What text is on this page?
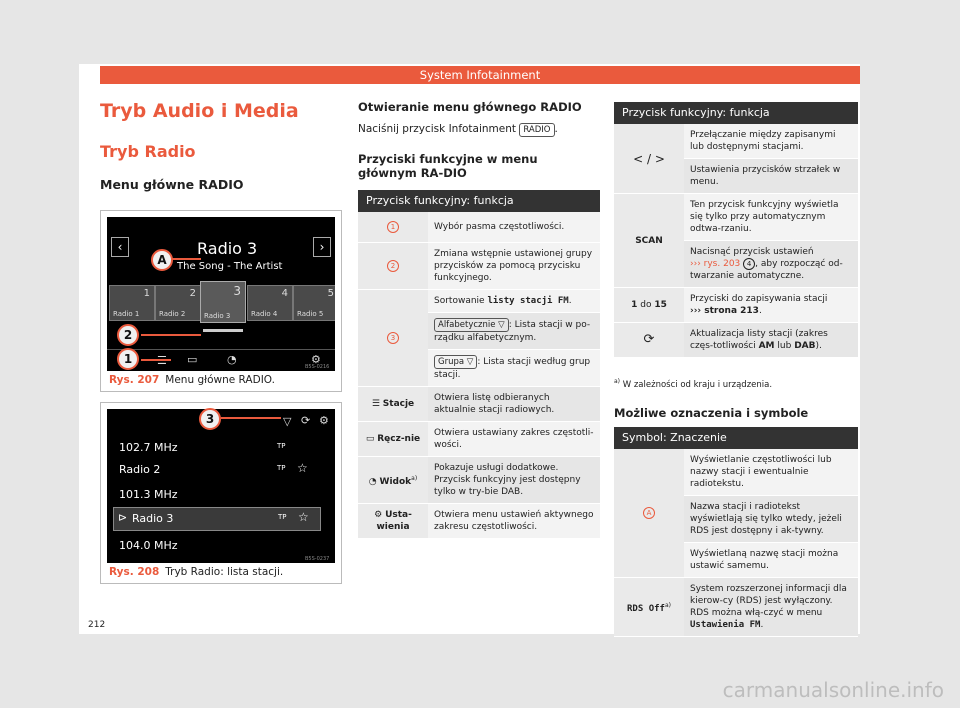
System Infotainment
Tryb Audio i Media
Tryb Radio
Menu główne RADIO
‹	›
Radio 3
The Song - The Artist
1
Radio 1
2
Radio 2
3
Radio 3
4
Radio 4
5
Radio 5
▭	◔	⚙
B5S-0216
A
2
1
Rys. 207 Menu główne RADIO.
▽ ⟳ ⚙
102.7 MHz	TP
Radio 2	TP ☆
101.3 MHz
⊳ Radio 3	TP ☆
104.0 MHz
B5S-0237
3
Rys. 208 Tryb Radio: lista stacji.
Otwieranie menu głównego RADIO
Naciśnij przycisk Infotainment RADIO .
Przyciski funkcyjne w menu głównym RA-DIO
Przycisk funkcyjny: funkcja	
1	Wybór pasma częstotliwości.
2	Zmiana wstępnie ustawionej grupy przycisków za pomocą przycisku funkcyjnego.
3	Sortowanie listy stacji FM.
	Alfabetycznie ▽ : Lista stacji w po-rządku alfabetycznym.
	Grupa ▽ : Lista stacji według grup stacji.
☰ Stacje	Otwiera listę odbieranych aktualnie stacji radiowych.
▭ Ręcz-nie	Otwiera ustawiany zakres częstotli-wości.
◔ Widok$^{a)}$	Pokazuje usługi dodatkowe. Przycisk funkcyjny jest dostępny tylko w try-bie DAB.
⚙ Usta-wienia	Otwiera menu ustawień aktywnego zakresu częstotliwości.
Przycisk funkcyjny: funkcja	
< / >	Przełączanie między zapisanymi lub dostępnymi stacjami.
	Ustawienia przycisków strzałek w menu.
SCAN	Ten przycisk funkcyjny wyświetla się tylko przy automatycznym odtwa-rzaniu.
	Nacisnąć przycisk ustawień
››› rys. 203 4 , aby rozpocząć od-twarzanie automatyczne.
1 do 15	Przyciski do zapisywania stacji
››› strona 213.
⟳	Aktualizacja listy stacji (zakres częs-totliwości AM lub DAB).
$^{a)}$ W zależności od kraju i urządzenia.
Możliwe oznaczenia i symbole
Symbol: Znaczenie	
A	Wyświetlanie częstotliwości lub nazwy stacji i ewentualnie radiotekstu.
	Nazwa stacji i radiotekst wyświetlają się tylko wtedy, jeżeli RDS jest dostępny i ak-tywny.
	Wyświetlaną nazwę stacji można ustawić samemu.
RDS Off$^{a)}$	System rozszerzonej informacji dla kierow-cy (RDS) jest wyłączony. RDS można włą-czyć w menu Ustawienia FM.
212
carmanualsonline.info
